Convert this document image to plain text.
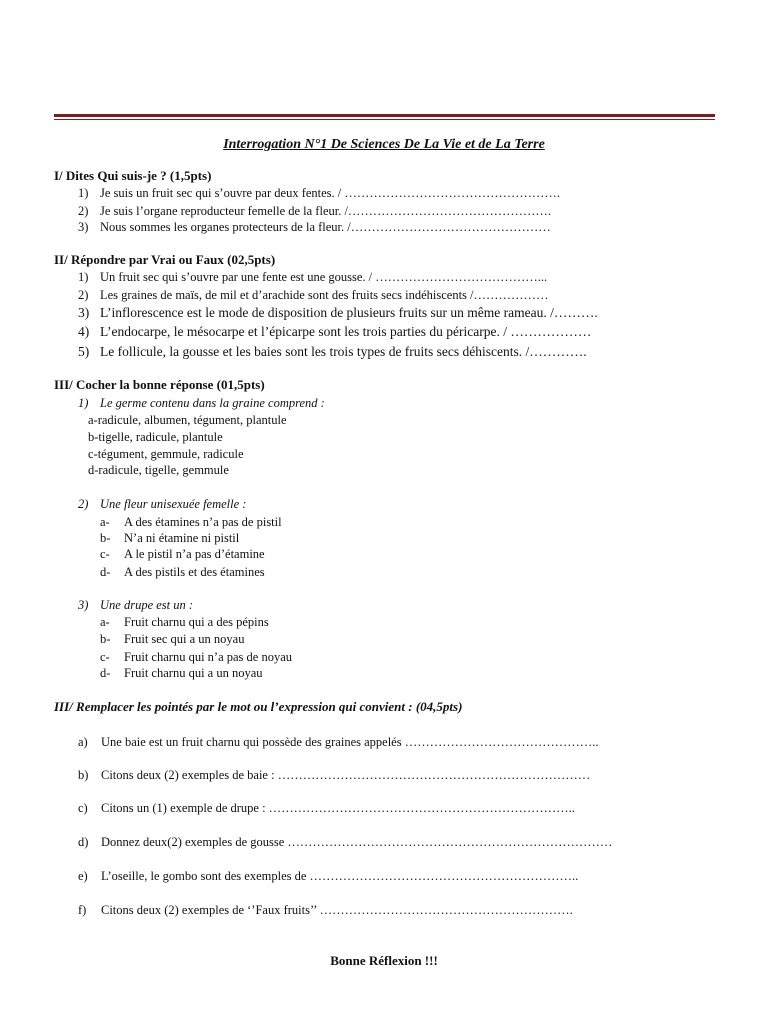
Interrogation N°1 De Sciences De La Vie et de La Terre
I/ Dites Qui suis-je ? (1,5pts)
1) Je suis un fruit sec qui s’ouvre par deux fentes. / …………………………………………….
2) Je suis l’organe reproducteur femelle de la fleur. /………………………………………….
3) Nous sommes les organes protecteurs de la fleur. /…………………………………………
II/ Répondre par Vrai ou Faux (02,5pts)
1) Un fruit sec qui s’ouvre par une fente est une gousse. / …………………………………...
2) Les graines de maïs, de mil et d’arachide sont des fruits secs indéhiscents /………………
3) L’inflorescence est le mode de disposition de plusieurs fruits sur un même rameau. /……….
4) L’endocarpe, le mésocarpe et l’épicarpe sont les trois parties du péricarpe. / ………………
5) Le follicule, la gousse et les baies sont les trois types de fruits secs déhiscents. /………….
III/ Cocher la bonne réponse (01,5pts)
1) Le germe contenu dans la graine comprend :
a-radicule, albumen, tégument, plantule
b-tigelle, radicule, plantule
c-tégument, gemmule, radicule
d-radicule, tigelle, gemmule
2) Une fleur unisexuée femelle :
a- A des étamines n’a pas de pistil
b- N’a ni étamine ni pistil
c- A le pistil n’a pas d’étamine
d- A des pistils et des étamines
3) Une drupe est un :
a- Fruit charnu qui a des pépins
b- Fruit sec qui a un noyau
c- Fruit charnu qui n’a pas de noyau
d- Fruit charnu qui a un noyau
III/ Remplacer les pointés par le mot ou l’expression qui convient : (04,5pts)
a) Une baie est un fruit charnu qui possède des graines appelés ………………………………………..
b) Citons deux (2) exemples de baie : …………………………………………………………………
c) Citons un (1) exemple de drupe : ………………………………………………………………..
d) Donnez deux(2) exemples de gousse ……………………………………………………………………
e) L’oseille, le gombo sont des exemples de ………………………………………………………..
f) Citons deux (2) exemples de ‘’Faux fruits’’ …………………………………………………….
Bonne Réflexion !!!
